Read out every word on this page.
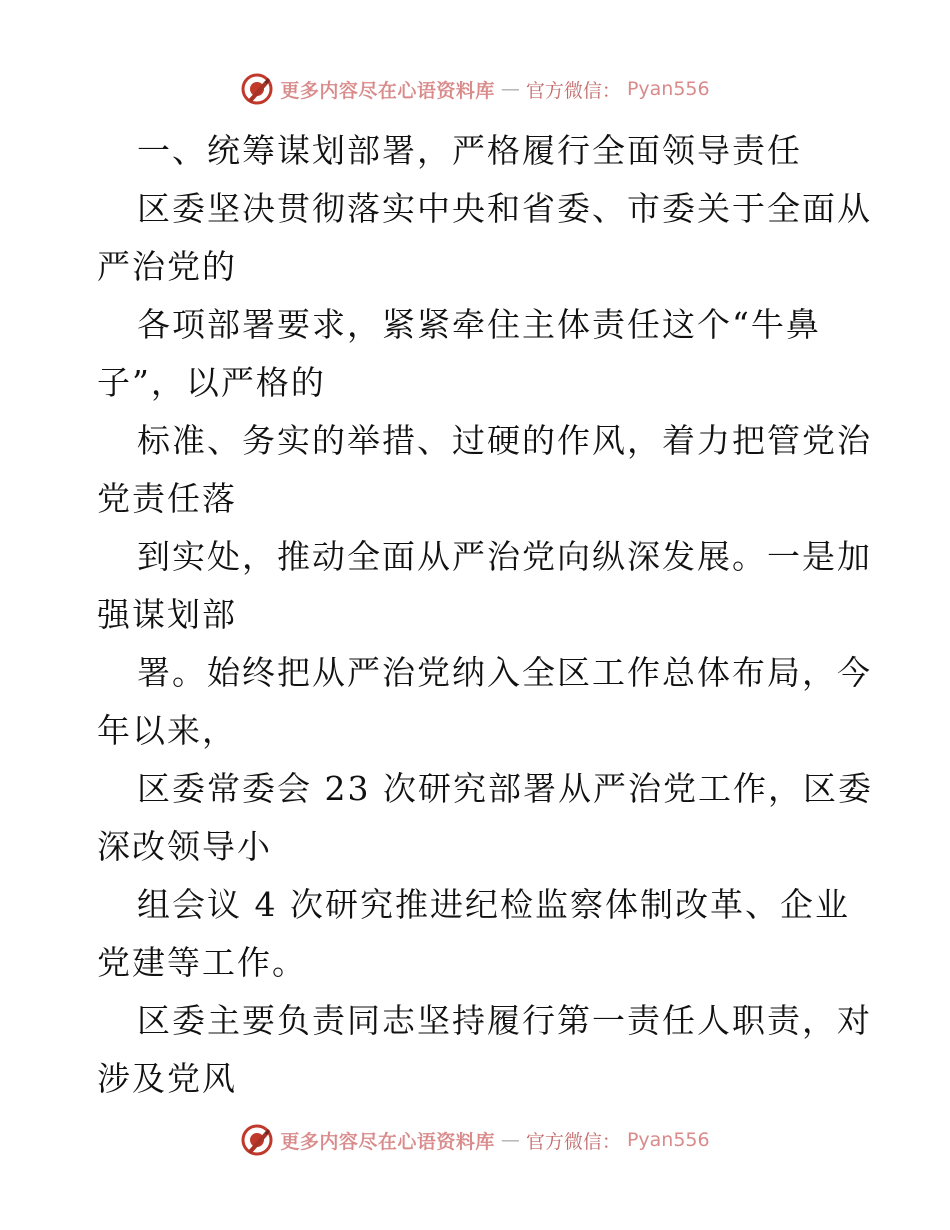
更多内容尽在心语资料库 — 官方微信： Pyan556
一、统筹谋划部署，严格履行全面领导责任
区委坚决贯彻落实中央和省委、市委关于全面从
严治党的
各项部署要求，紧紧牵住主体责任这个“牛鼻
子”，以严格的
标准、务实的举措、过硬的作风，着力把管党治
党责任落
到实处，推动全面从严治党向纵深发展。一是加
强谋划部
署。始终把从严治党纳入全区工作总体布局，今
年以来，
区委常委会 23 次研究部署从严治党工作，区委
深改领导小
组会议 4 次研究推进纪检监察体制改革、企业
党建等工作。
区委主要负责同志坚持履行第一责任人职责，对
涉及党风
更多内容尽在心语资料库 — 官方微信： Pyan556
